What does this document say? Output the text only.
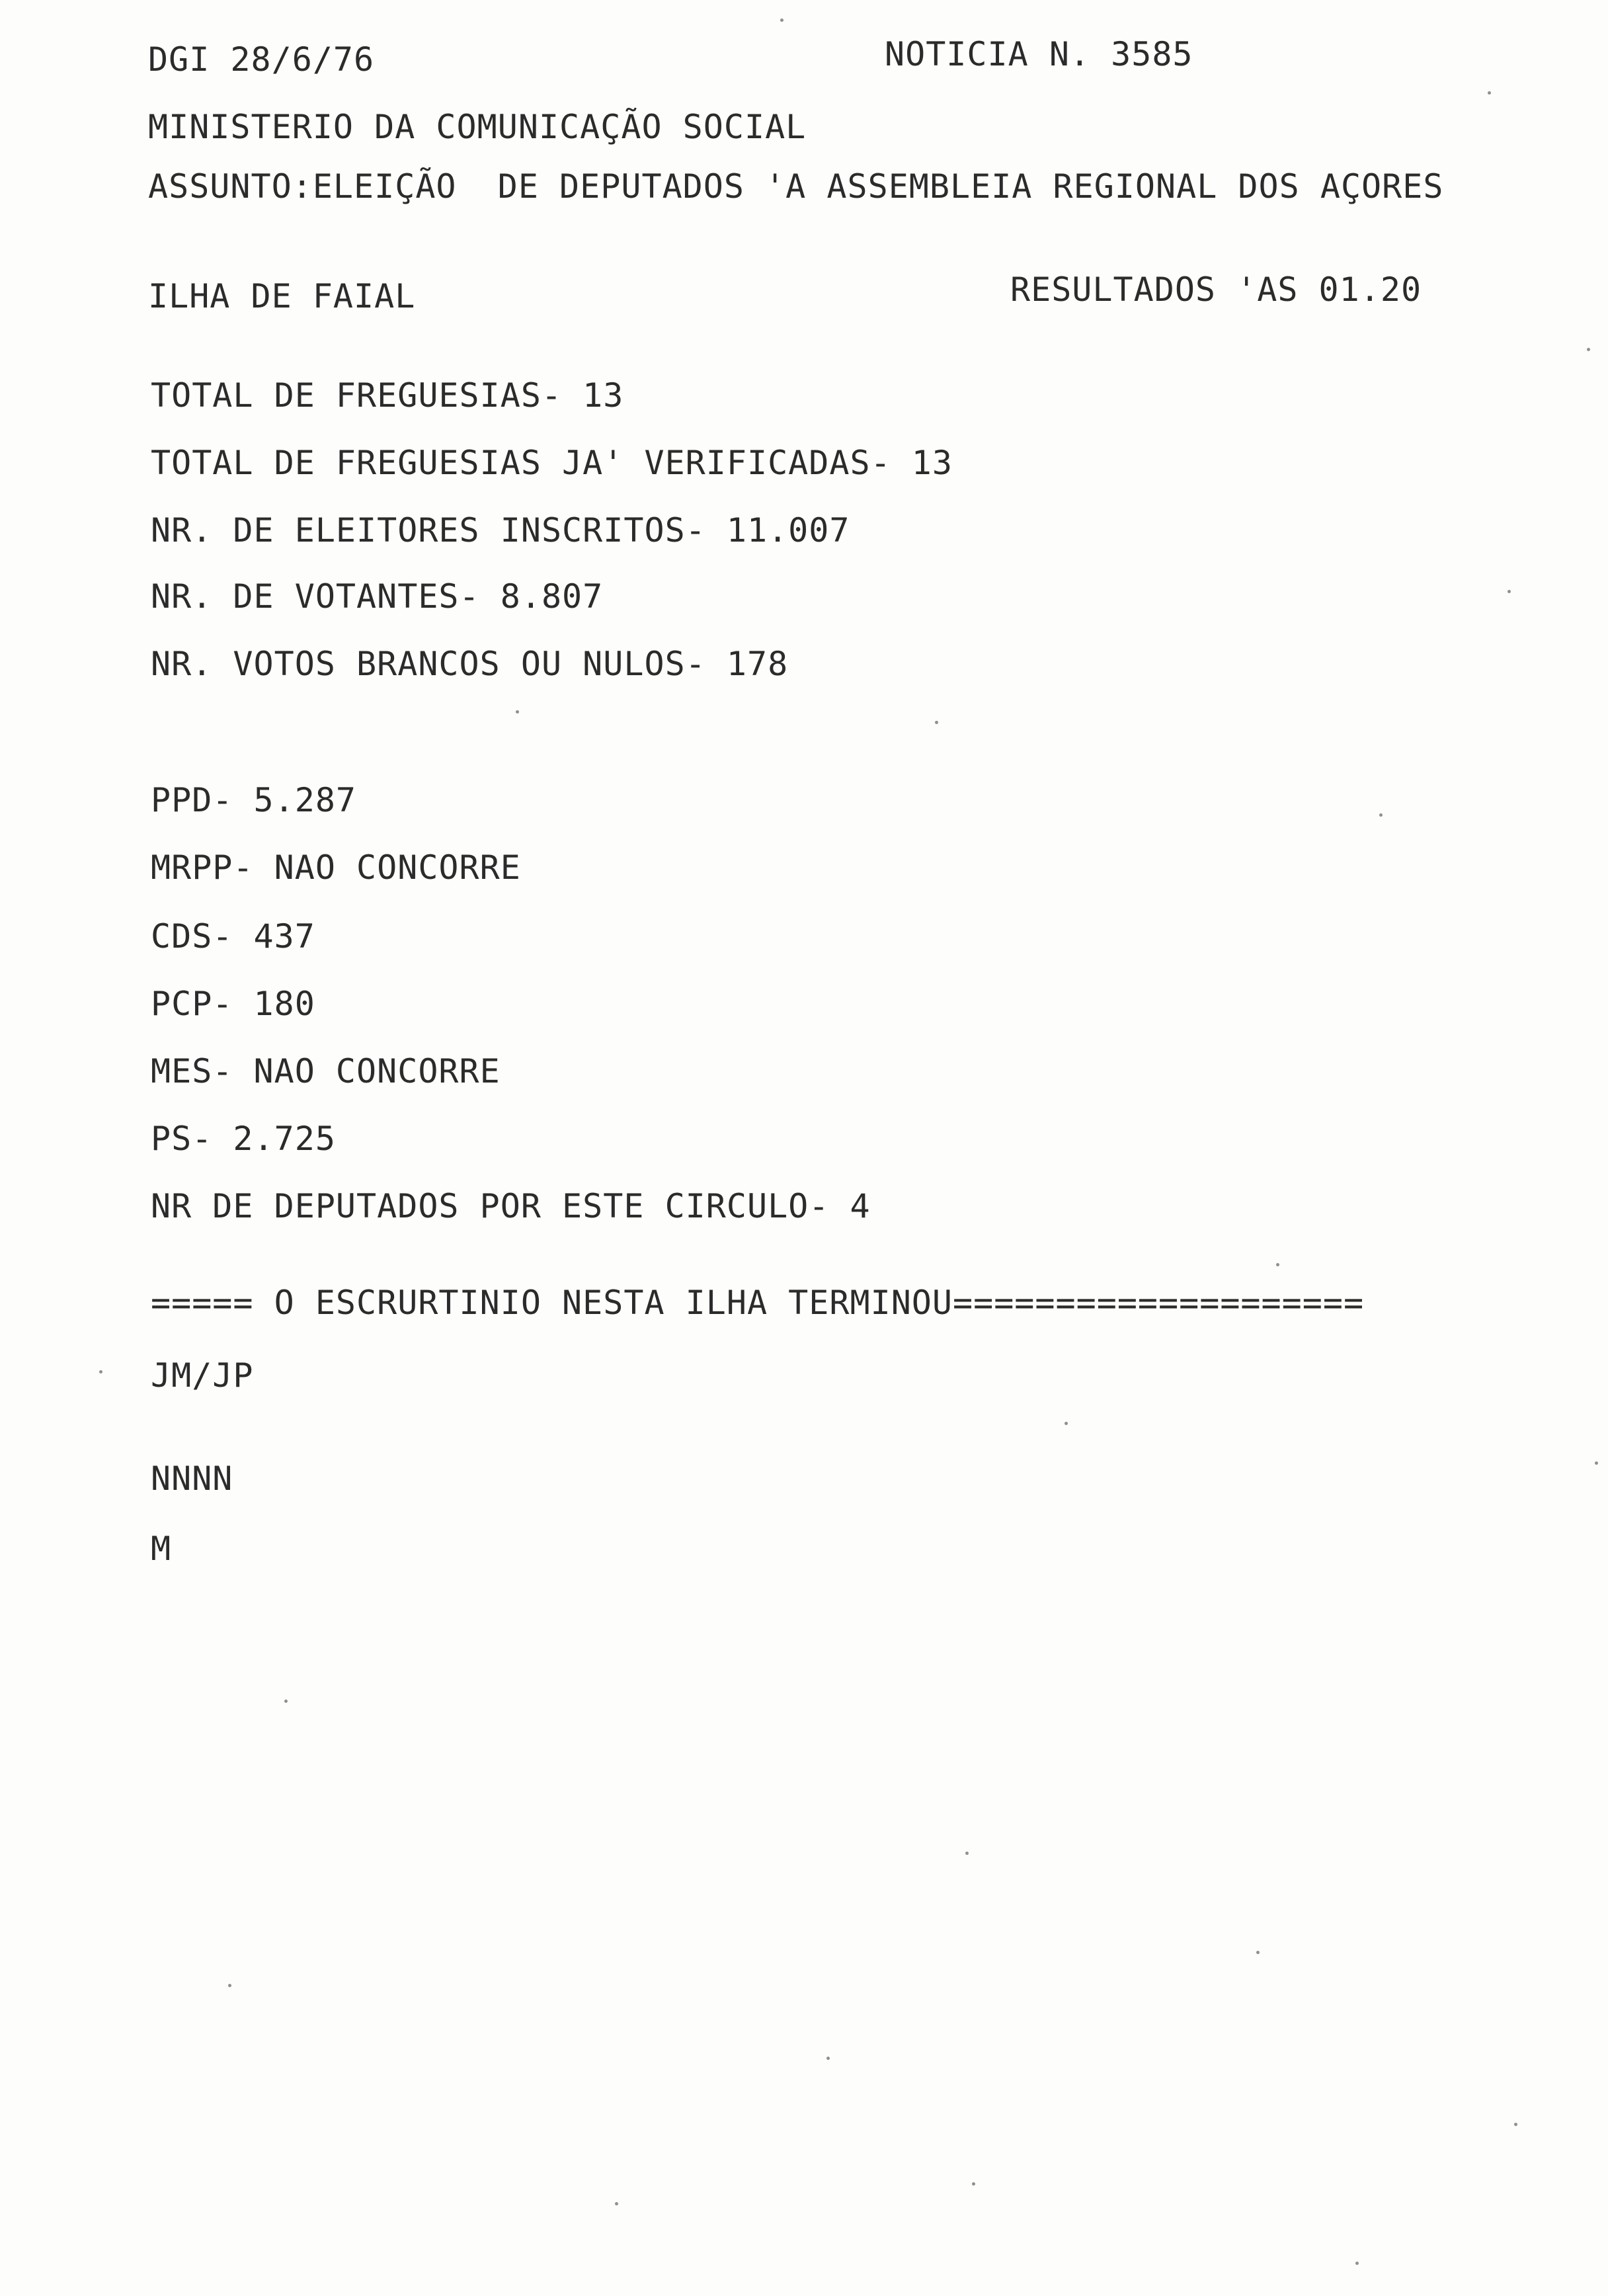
DGI 28/6/76	NOTICIA N. 3585
MINISTERIO DA COMUNICAÇÃO SOCIAL
ASSUNTO:ELEIÇÃO  DE DEPUTADOS 'A ASSEMBLEIA REGIONAL DOS AÇORES
ILHA DE FAIAL	RESULTADOS 'AS 01.20
TOTAL DE FREGUESIAS- 13
TOTAL DE FREGUESIAS JA' VERIFICADAS- 13
NR. DE ELEITORES INSCRITOS- 11.007
NR. DE VOTANTES- 8.807
NR. VOTOS BRANCOS OU NULOS- 178
PPD- 5.287
MRPP- NAO CONCORRE
CDS- 437
PCP- 180
MES- NAO CONCORRE
PS- 2.725
NR DE DEPUTADOS POR ESTE CIRCULO- 4
===== O ESCRURTINIO NESTA ILHA TERMINOU====================
JM/JP
NNNN
M
